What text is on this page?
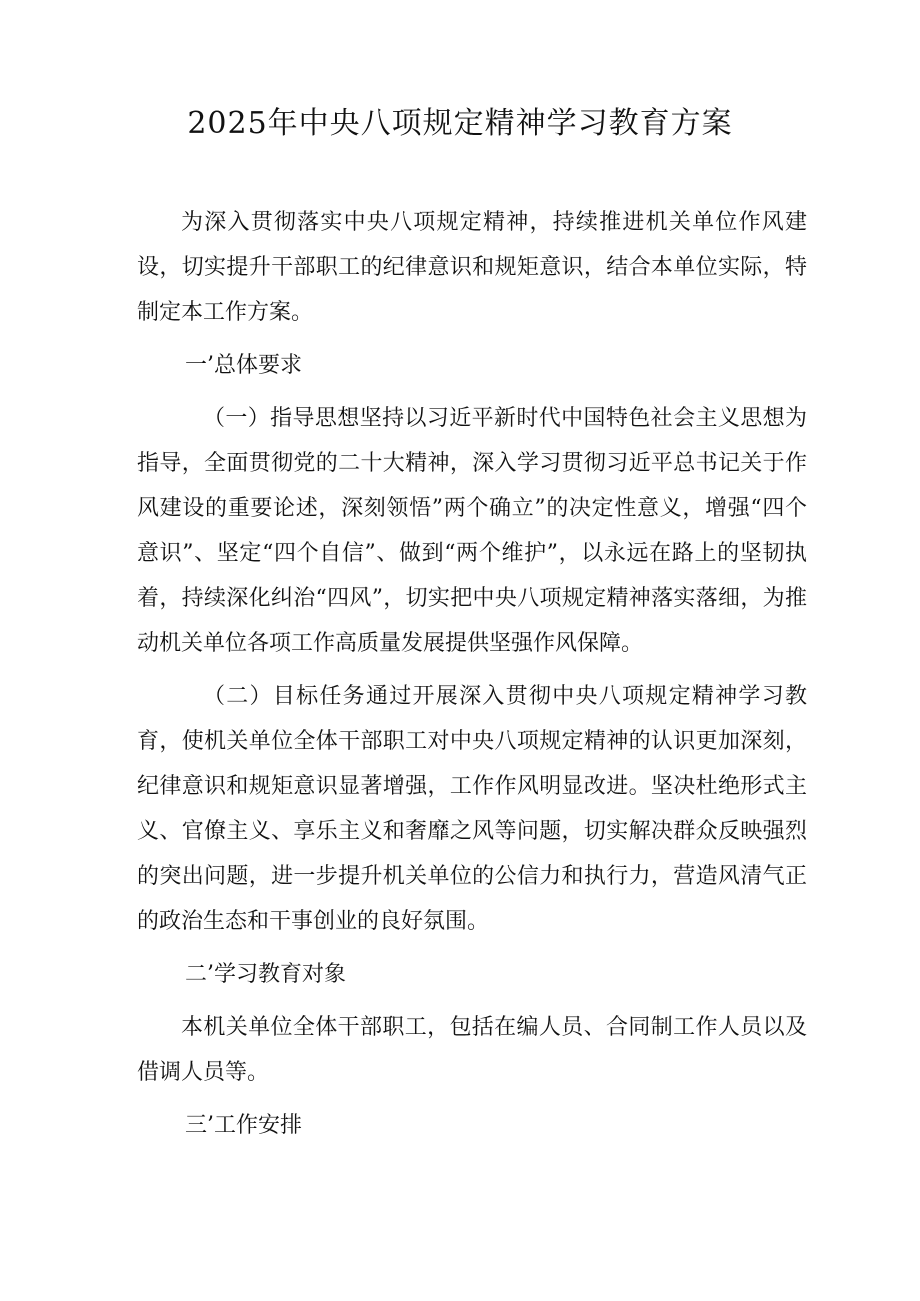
2025年中央八项规定精神学习教育方案

为深入贯彻落实中央八项规定精神，持续推进机关单位作风建设，切实提升干部职工的纪律意识和规矩意识，结合本单位实际，特制定本工作方案。

一’总体要求

（一）指导思想坚持以习近平新时代中国特色社会主义思想为指导，全面贯彻党的二十大精神，深入学习贯彻习近平总书记关于作风建设的重要论述，深刻领悟”两个确立”的决定性意义，增强“四个意识”、坚定“四个自信”、做到“两个维护”，以永远在路上的坚韧执着，持续深化纠治“四风”，切实把中央八项规定精神落实落细，为推动机关单位各项工作高质量发展提供坚强作风保障。

（二）目标任务通过开展深入贯彻中央八项规定精神学习教育，使机关单位全体干部职工对中央八项规定精神的认识更加深刻，纪律意识和规矩意识显著增强，工作作风明显改进。坚决杜绝形式主义、官僚主义、享乐主义和奢靡之风等问题，切实解决群众反映强烈的突出问题，进一步提升机关单位的公信力和执行力，营造风清气正的政治生态和干事创业的良好氛围。

二’学习教育对象

本机关单位全体干部职工，包括在编人员、合同制工作人员以及借调人员等。

三’工作安排
